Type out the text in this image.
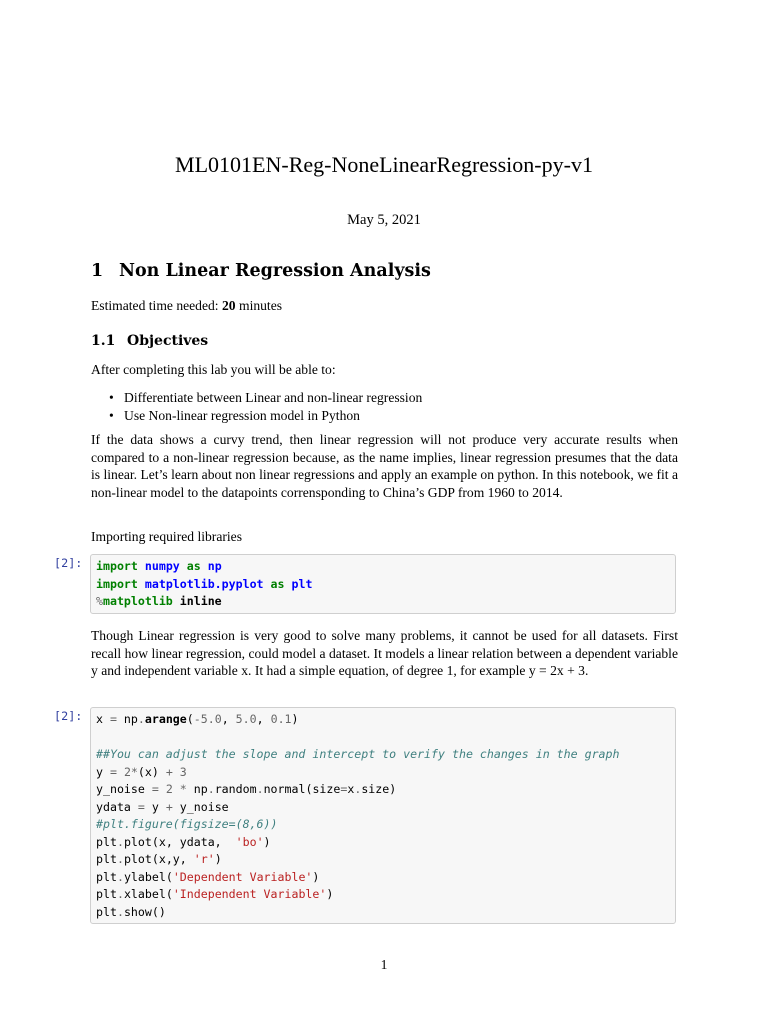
ML0101EN-Reg-NoneLinearRegression-py-v1
May 5, 2021
1 Non Linear Regression Analysis
Estimated time needed: 20 minutes
1.1 Objectives
After completing this lab you will be able to:
• Differentiate between Linear and non-linear regression
• Use Non-linear regression model in Python
If the data shows a curvy trend, then linear regression will not produce very accurate results when compared to a non-linear regression because, as the name implies, linear regression presumes that the data is linear. Let’s learn about non linear regressions and apply an example on python. In this notebook, we fit a non-linear model to the datapoints corrensponding to China’s GDP from 1960 to 2014.
Importing required libraries
[2]: import numpy as np
import matplotlib.pyplot as plt
%matplotlib inline
Though Linear regression is very good to solve many problems, it cannot be used for all datasets. First recall how linear regression, could model a dataset. It models a linear relation between a dependent variable y and independent variable x. It had a simple equation, of degree 1, for example y = 2x + 3.
[2]: x = np.arange(-5.0, 5.0, 0.1)

##You can adjust the slope and intercept to verify the changes in the graph
y = 2*(x) + 3
y_noise = 2 * np.random.normal(size=x.size)
ydata = y + y_noise
#plt.figure(figsize=(8,6))
plt.plot(x, ydata,  'bo')
plt.plot(x,y, 'r')
plt.ylabel('Dependent Variable')
plt.xlabel('Independent Variable')
plt.show()
1
